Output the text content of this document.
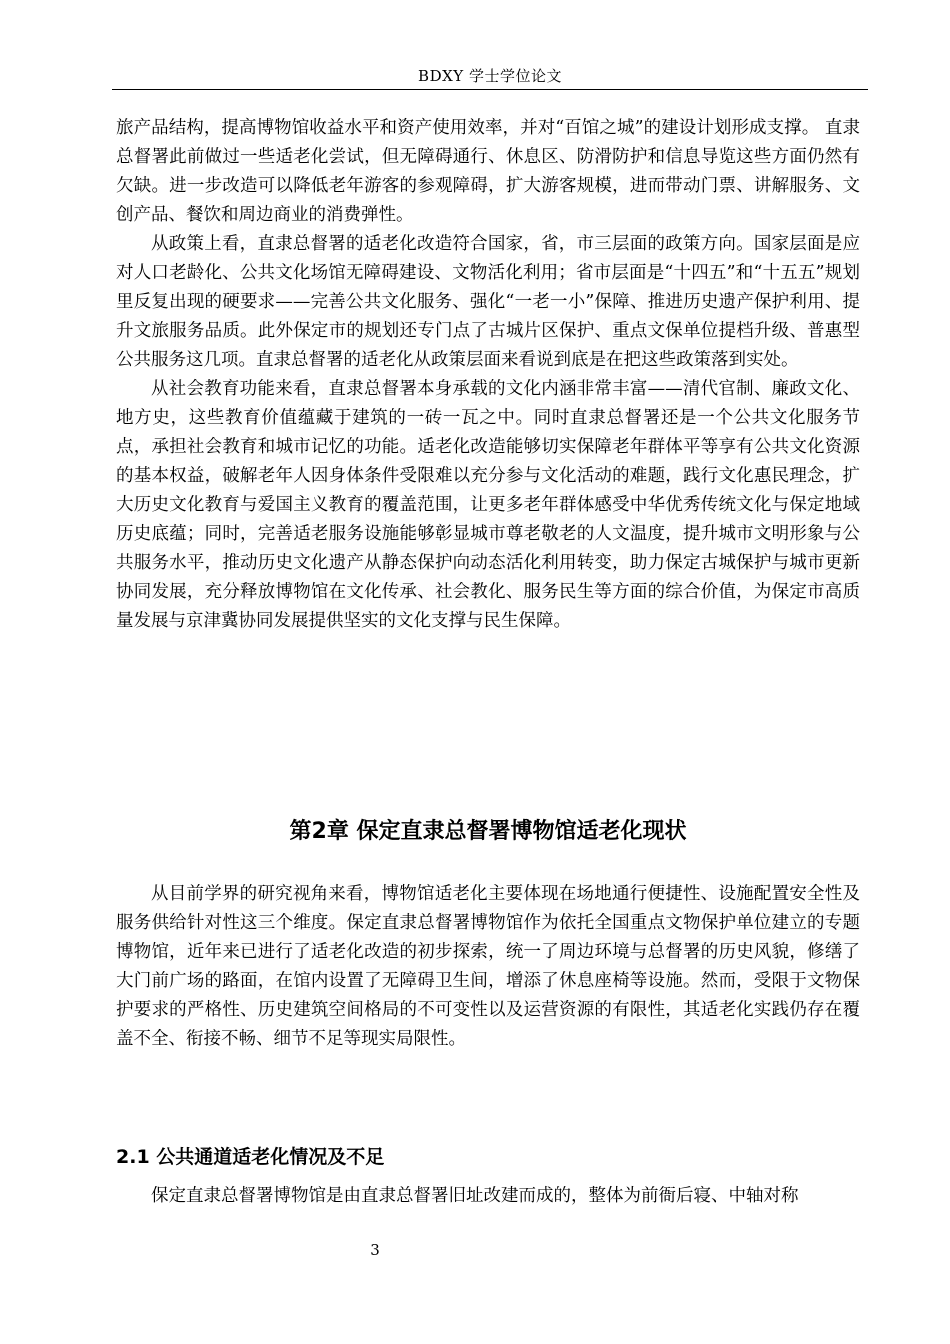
BDXY 学士学位论文

旅产品结构，提高博物馆收益水平和资产使用效率，并对“百馆之城”的建设计划形成支撑。 直隶总督署此前做过一些适老化尝试，但无障碍通行、休息区、防滑防护和信息导览这些方面仍然有欠缺。进一步改造可以降低老年游客的参观障碍，扩大游客规模，进而带动门票、讲解服务、文创产品、餐饮和周边商业的消费弹性。

从政策上看，直隶总督署的适老化改造符合国家，省，市三层面的政策方向。国家层面是应对人口老龄化、公共文化场馆无障碍建设、文物活化利用；省市层面是“十四五”和“十五五”规划里反复出现的硬要求——完善公共文化服务、强化“一老一小”保障、推进历史遗产保护利用、提升文旅服务品质。此外保定市的规划还专门点了古城片区保护、重点文保单位提档升级、普惠型公共服务这几项。直隶总督署的适老化从政策层面来看说到底是在把这些政策落到实处。

从社会教育功能来看，直隶总督署本身承载的文化内涵非常丰富——清代官制、廉政文化、地方史，这些教育价值蕴藏于建筑的一砖一瓦之中。同时直隶总督署还是一个公共文化服务节点，承担社会教育和城市记忆的功能。适老化改造能够切实保障老年群体平等享有公共文化资源的基本权益，破解老年人因身体条件受限难以充分参与文化活动的难题，践行文化惠民理念，扩大历史文化教育与爱国主义教育的覆盖范围，让更多老年群体感受中华优秀传统文化与保定地域历史底蕴；同时，完善适老服务设施能够彰显城市尊老敬老的人文温度，提升城市文明形象与公共服务水平，推动历史文化遗产从静态保护向动态活化利用转变，助力保定古城保护与城市更新协同发展，充分释放博物馆在文化传承、社会教化、服务民生等方面的综合价值，为保定市高质量发展与京津冀协同发展提供坚实的文化支撑与民生保障。

第2章 保定直隶总督署博物馆适老化现状

从目前学界的研究视角来看，博物馆适老化主要体现在场地通行便捷性、设施配置安全性及服务供给针对性这三个维度。保定直隶总督署博物馆作为依托全国重点文物保护单位建立的专题博物馆，近年来已进行了适老化改造的初步探索，统一了周边环境与总督署的历史风貌，修缮了大门前广场的路面，在馆内设置了无障碍卫生间，增添了休息座椅等设施。然而，受限于文物保护要求的严格性、历史建筑空间格局的不可变性以及运营资源的有限性，其适老化实践仍存在覆盖不全、衔接不畅、细节不足等现实局限性。

2.1 公共通道适老化情况及不足

保定直隶总督署博物馆是由直隶总督署旧址改建而成的，整体为前衙后寝、中轴对称

3
